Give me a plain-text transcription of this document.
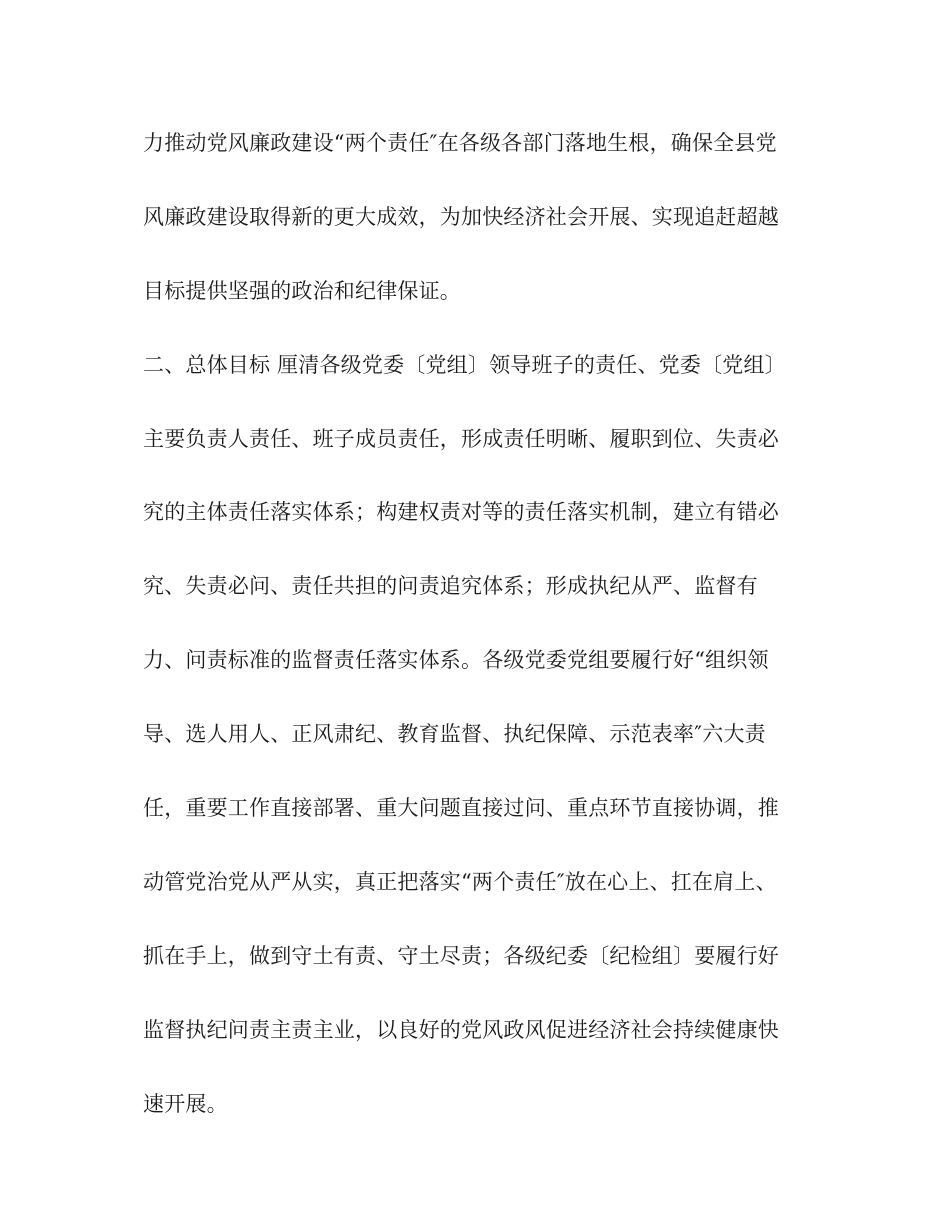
力推动党风廉政建设“两个责任″在各级各部门落地生根，确保全县党
风廉政建设取得新的更大成效，为加快经济社会开展、实现追赶超越
目标提供坚强的政治和纪律保证。
二、总体目标 厘清各级党委〔党组〕领导班子的责任、党委〔党组〕
主要负责人责任、班子成员责任，形成责任明晰、履职到位、失责必
究的主体责任落实体系；构建权责对等的责任落实机制，建立有错必
究、失责必问、责任共担的问责追究体系；形成执纪从严、监督有
力、问责标准的监督责任落实体系。各级党委党组要履行好“组织领
导、选人用人、正风肃纪、教育监督、执纪保障、示范表率″六大责
任，重要工作直接部署、重大问题直接过问、重点环节直接协调，推
动管党治党从严从实，真正把落实“两个责任″放在心上、扛在肩上、
抓在手上，做到守土有责、守土尽责；各级纪委〔纪检组〕要履行好
监督执纪问责主责主业，以良好的党风政风促进经济社会持续健康快
速开展。
